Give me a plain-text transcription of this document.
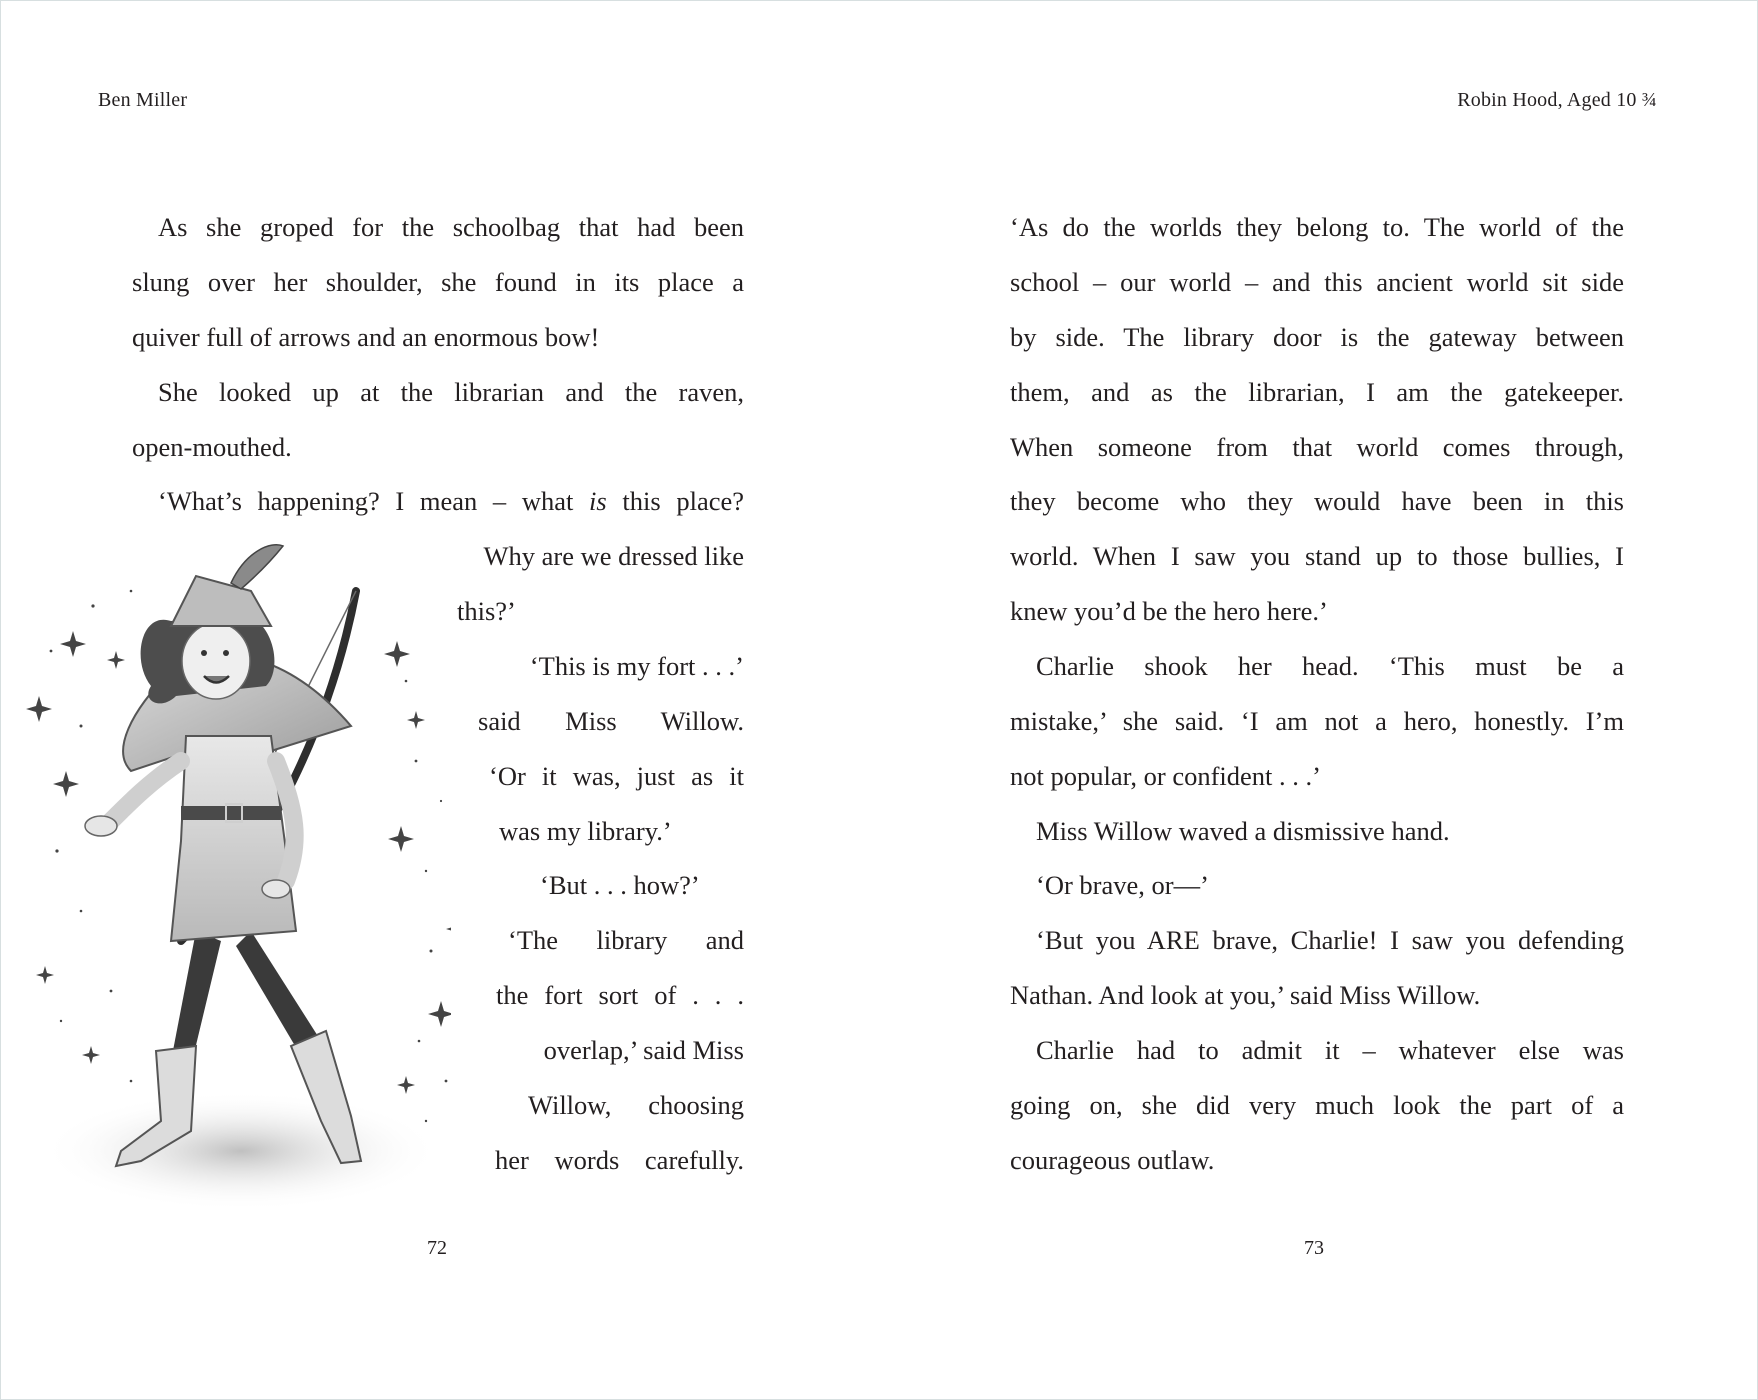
Ben Miller	Robin Hood, Aged 10 ¾
As she groped for the schoolbag that had been
slung over her shoulder, she found in its place a
quiver full of arrows and an enormous bow!
She looked up at the librarian and the raven,
open-mouthed.
‘What’s happening? I mean – what is this place?
Why are we dressed like
this?’
‘This is my fort . . .’
said Miss Willow.
‘Or it was, just as it
was my library.’
‘But . . . how?’
‘The library and
the fort sort of . . .
overlap,’ said Miss
Willow, choosing
her words carefully.
‘As do the worlds they belong to. The world of the
school – our world – and this ancient world sit side
by side. The library door is the gateway between
them, and as the librarian, I am the gatekeeper.
When someone from that world comes through,
they become who they would have been in this
world. When I saw you stand up to those bullies, I
knew you’d be the hero here.’
Charlie shook her head. ‘This must be a
mistake,’ she said. ‘I am not a hero, honestly. I’m
not popular, or confident . . .’
Miss Willow waved a dismissive hand.
‘Or brave, or—’
‘But you ARE brave, Charlie! I saw you defending
Nathan. And look at you,’ said Miss Willow.
Charlie had to admit it – whatever else was
going on, she did very much look the part of a
courageous outlaw.
72	73
